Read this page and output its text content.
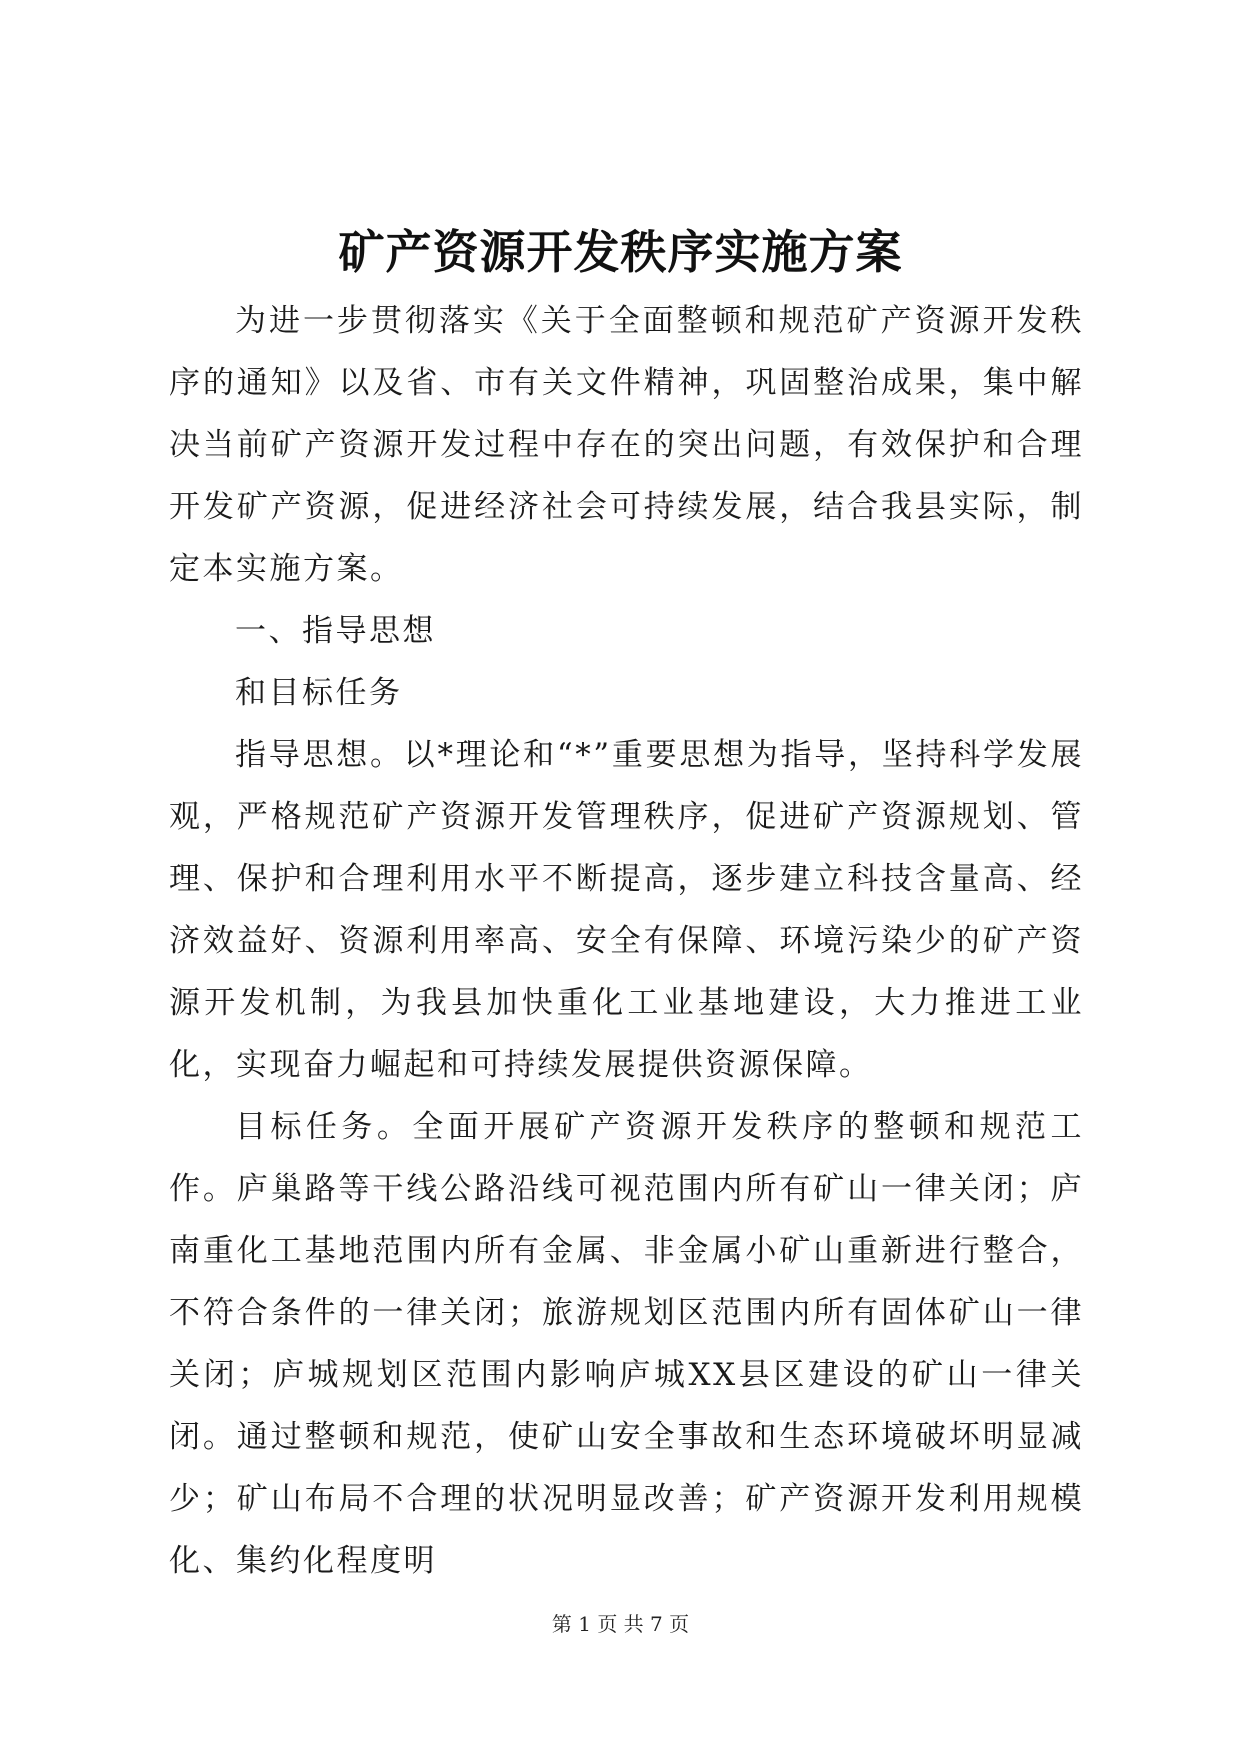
矿产资源开发秩序实施方案

为进一步贯彻落实《关于全面整顿和规范矿产资源开发秩序的通知》以及省、市有关文件精神，巩固整治成果，集中解决当前矿产资源开发过程中存在的突出问题，有效保护和合理开发矿产资源，促进经济社会可持续发展，结合我县实际，制定本实施方案。

一、指导思想

和目标任务

指导思想。以*理论和“*”重要思想为指导，坚持科学发展观，严格规范矿产资源开发管理秩序，促进矿产资源规划、管理、保护和合理利用水平不断提高，逐步建立科技含量高、经济效益好、资源利用率高、安全有保障、环境污染少的矿产资源开发机制，为我县加快重化工业基地建设，大力推进工业化，实现奋力崛起和可持续发展提供资源保障。

目标任务。全面开展矿产资源开发秩序的整顿和规范工作。庐巢路等干线公路沿线可视范围内所有矿山一律关闭；庐南重化工基地范围内所有金属、非金属小矿山重新进行整合，不符合条件的一律关闭；旅游规划区范围内所有固体矿山一律关闭；庐城规划区范围内影响庐城XX县区建设的矿山一律关闭。通过整顿和规范，使矿山安全事故和生态环境破坏明显减少；矿山布局不合理的状况明显改善；矿产资源开发利用规模化、集约化程度明

第 1 页 共 7 页
